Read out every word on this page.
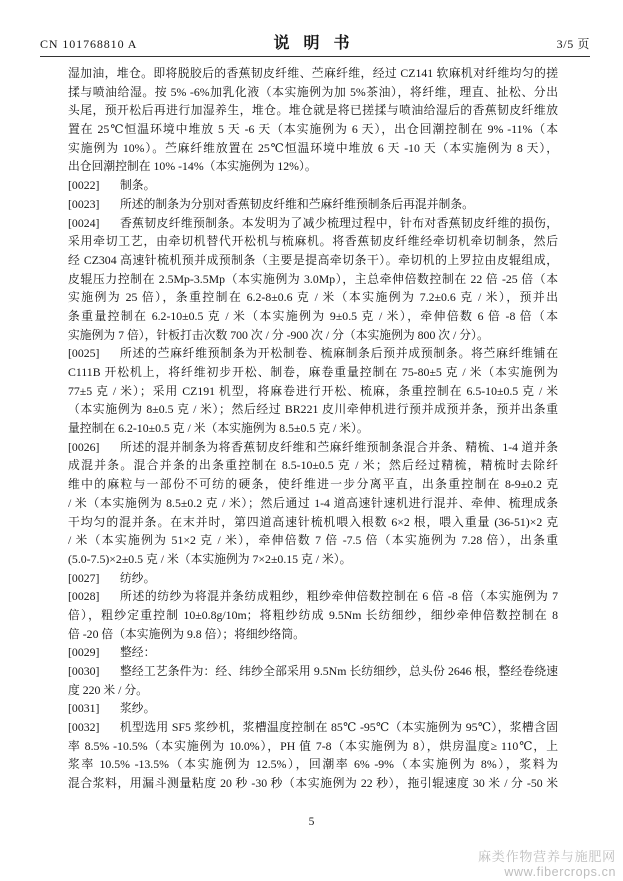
CN 101768810 A	说 明 书	3/5 页
湿加油，堆仓。即将脱胶后的香蕉韧皮纤维、苎麻纤维，经过 CZ141 软麻机对纤维均匀的搓
揉与喷油给湿。按 5% -6%加乳化液（本实施例为加 5%茶油），将纤维，理直、扯松、分出
头尾，预开松后再进行加湿养生，堆仓。堆仓就是将已搓揉与喷油给湿后的香蕉韧皮纤维放
置在 25℃恒温环境中堆放 5 天 -6 天（本实施例为 6 天），出仓回潮控制在 9% -11%（本
实施例为 10%）。苎麻纤维放置在 25℃恒温环境中堆放 6 天 -10 天（本实施例为 8 天），
出仓回潮控制在 10% -14%（本实施例为 12%）。
[0022]	制条。
[0023]	所述的制条为分别对香蕉韧皮纤维和苎麻纤维预制条后再混并制条。
[0024]	香蕉韧皮纤维预制条。本发明为了减少梳理过程中，针布对香蕉韧皮纤维的损伤，
采用牵切工艺，由牵切机替代开松机与梳麻机。将香蕉韧皮纤维经牵切机牵切制条，然后
经 CZ304 高速针梳机预并成预制条（主要是提高牵切条干）。牵切机的上罗拉由皮辊组成，
皮辊压力控制在 2.5Mp-3.5Mp（本实施例为 3.0Mp），主总牵伸倍数控制在 22 倍 -25 倍（本
实施例为 25 倍），条重控制在 6.2-8±0.6 克 / 米（本实施例为 7.2±0.6 克 / 米），预并出
条重量控制在 6.2-10±0.5 克 / 米（本实施例为 9±0.5 克 / 米），牵伸倍数 6 倍 -8 倍（本
实施例为 7 倍），针板打击次数 700 次 / 分 -900 次 / 分（本实施例为 800 次 / 分）。
[0025]	所述的苎麻纤维预制条为开松制卷、梳麻制条后预并成预制条。将苎麻纤维铺在
C111B 开松机上，将纤维初步开松、制卷，麻卷重量控制在 75-80±5 克 / 米（本实施例为
77±5 克 / 米）；采用 CZ191 机型，将麻卷进行开松、梳麻，条重控制在 6.5-10±0.5 克 / 米
（本实施例为 8±0.5 克 / 米）；然后经过 BR221 皮川牵伸机进行预并成预并条，预并出条重
量控制在 6.2-10±0.5 克 / 米（本实施例为 8.5±0.5 克 / 米）。
[0026]	所述的混并制条为将香蕉韧皮纤维和苎麻纤维预制条混合并条、精梳、1-4 道并条
成混并条。混合并条的出条重控制在 8.5-10±0.5 克 / 米；然后经过精梳，精梳时去除纤
维中的麻粒与一部份不可纺的硬条，使纤维进一步分离平直，出条重控制在 8-9±0.2 克
/ 米（本实施例为 8.5±0.2 克 / 米）；然后通过 1-4 道高速针速机进行混并、牵伸、梳理成条
干均匀的混并条。在末并时，第四道高速针梳机喂入根数 6×2 根，喂入重量 (36-51)×2 克
/ 米（本实施例为 51×2 克 / 米），牵伸倍数 7 倍 -7.5 倍（本实施例为 7.28 倍），出条重
(5.0-7.5)×2±0.5 克 / 米（本实施例为 7×2±0.15 克 / 米）。
[0027]	纺纱。
[0028]	所述的纺纱为将混并条纺成粗纱，粗纱牵伸倍数控制在 6 倍 -8 倍（本实施例为 7
倍），粗纱定重控制 10±0.8g/10m；将粗纱纺成 9.5Nm 长纺细纱，细纱牵伸倍数控制在 8
倍 -20 倍（本实施例为 9.8 倍）；将细纱络筒。
[0029]	整经：
[0030]	整经工艺条件为：经、纬纱全部采用 9.5Nm 长纺细纱，总头份 2646 根，整经卷绕速
度 220 米 / 分。
[0031]	浆纱。
[0032]	机型选用 SF5 浆纱机，浆槽温度控制在 85℃ -95℃（本实施例为 95℃），浆槽含固
率 8.5% -10.5%（本实施例为 10.0%），PH 值 7-8（本实施例为 8），烘房温度≥ 110℃，上
浆率 10.5% -13.5%（本实施例为 12.5%），回潮率 6% -9%（本实施例为 8%），浆料为
混合浆料，用漏斗测量粘度 20 秒 -30 秒（本实施例为 22 秒），拖引辊速度 30 米 / 分 -50 米
5
麻类作物营养与施肥网
www.fibercrops.cn
